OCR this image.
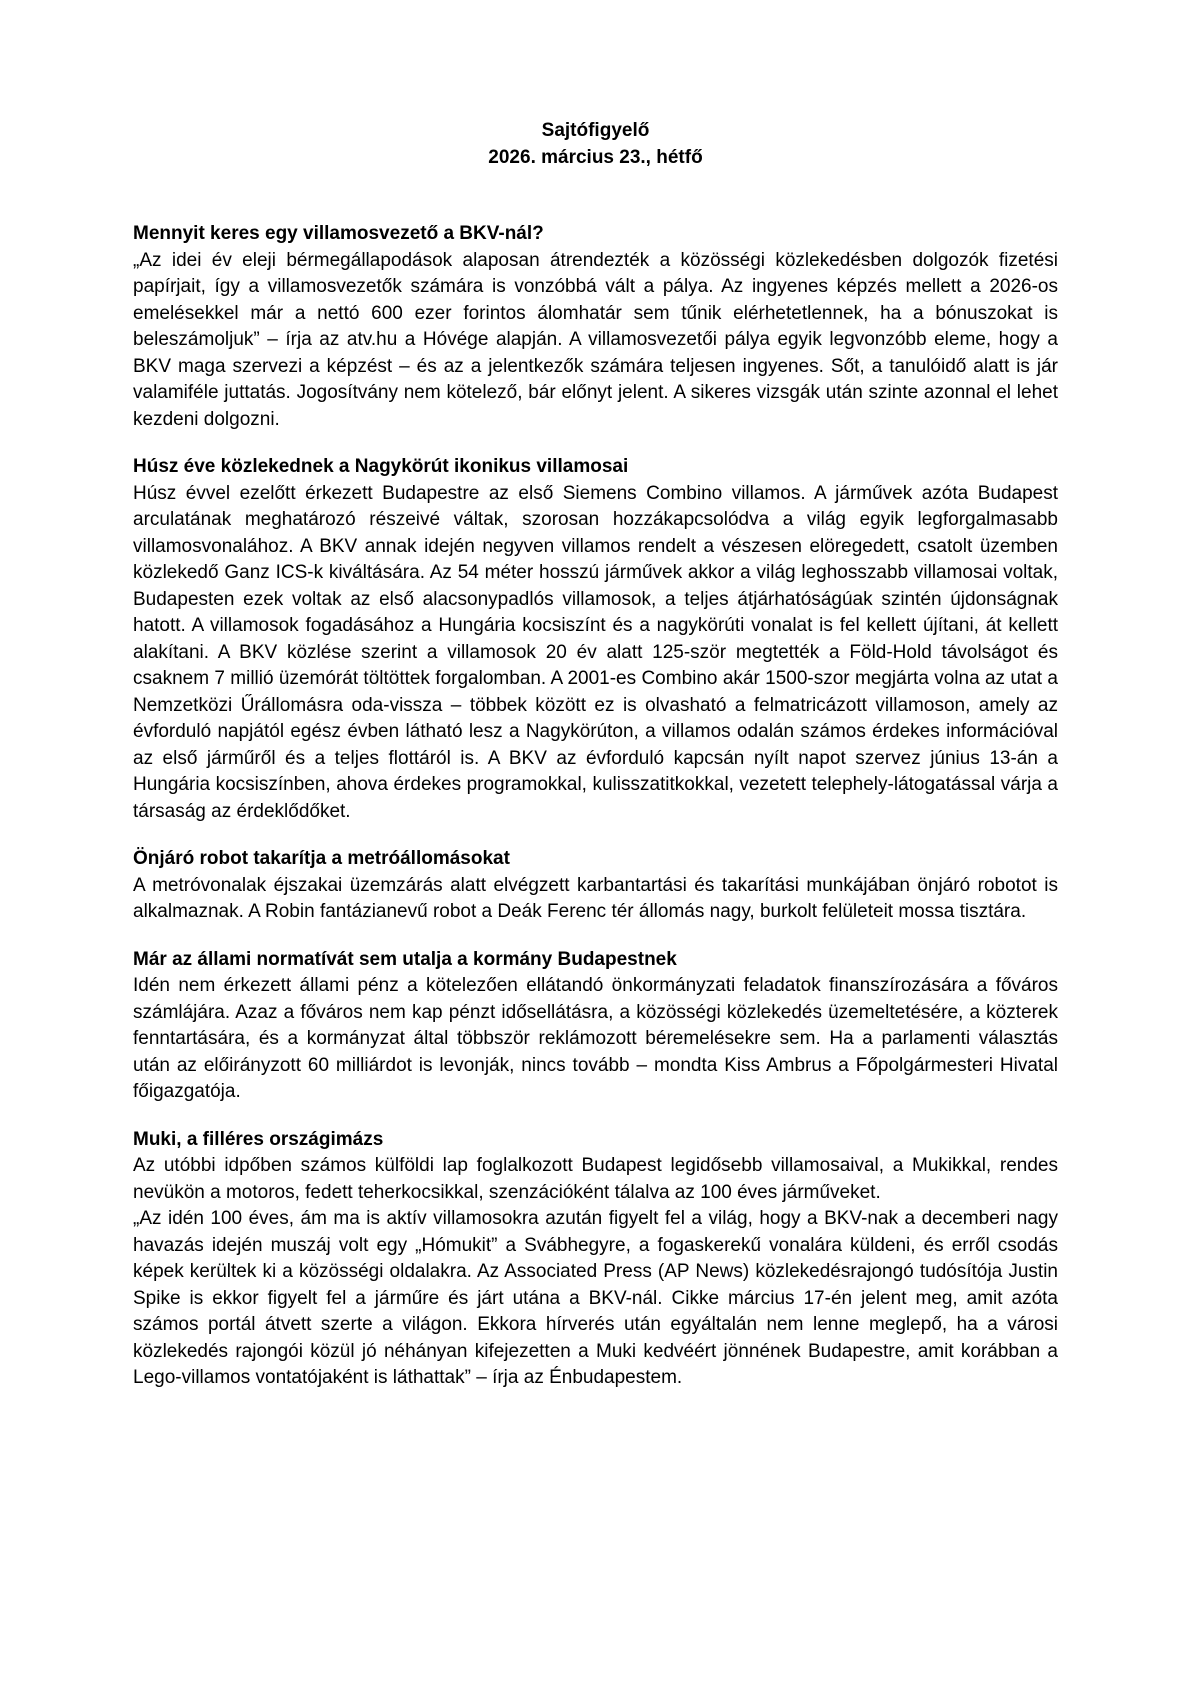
Sajtófigyelő
2026. március 23., hétfő
Mennyit keres egy villamosvezető a BKV-nál?

„Az idei év eleji bérmegállapodások alaposan átrendezték a közösségi közlekedésben dolgozók fizetési papírjait, így a villamosvezetők számára is vonzóbbá vált a pálya. Az ingyenes képzés mellett a 2026-os emelésekkel már a nettó 600 ezer forintos álomhatár sem tűnik elérhetetlennek, ha a bónuszokat is beleszámoljuk” – írja az atv.hu a Hóvége alapján. A villamosvezetői pálya egyik legvonzóbb eleme, hogy a BKV maga szervezi a képzést – és az a jelentkezők számára teljesen ingyenes. Sőt, a tanulóidő alatt is jár valamiféle juttatás. Jogosítvány nem kötelező, bár előnyt jelent. A sikeres vizsgák után szinte azonnal el lehet kezdeni dolgozni.

Húsz éve közlekednek a Nagykörút ikonikus villamosai

Húsz évvel ezelőtt érkezett Budapestre az első Siemens Combino villamos. A járművek azóta Budapest arculatának meghatározó részeivé váltak, szorosan hozzákapcsolódva a világ egyik legforgalmasabb villamosvonalához. A BKV annak idején negyven villamos rendelt a vészesen elöregedett, csatolt üzemben közlekedő Ganz ICS-k kiváltására. Az 54 méter hosszú járművek akkor a világ leghosszabb villamosai voltak, Budapesten ezek voltak az első alacsonypadlós villamosok, a teljes átjárhatóságúak szintén újdonságnak hatott. A villamosok fogadásához a Hungária kocsiszínt és a nagykörúti vonalat is fel kellett újítani, át kellett alakítani. A BKV közlése szerint a villamosok 20 év alatt 125-ször megtették a Föld-Hold távolságot és csaknem 7 millió üzemórát töltöttek forgalomban. A 2001-es Combino akár 1500-szor megjárta volna az utat a Nemzetközi Űrállomásra oda-vissza – többek között ez is olvasható a felmatricázott villamoson, amely az évforduló napjától egész évben látható lesz a Nagykörúton, a villamos odalán számos érdekes információval az első járműről és a teljes flottáról is. A BKV az évforduló kapcsán nyílt napot szervez június 13-án a Hungária kocsiszínben, ahova érdekes programokkal, kulisszatitkokkal, vezetett telephely-látogatással várja a társaság az érdeklődőket.

Önjáró robot takarítja a metróállomásokat

A metróvonalak éjszakai üzemzárás alatt elvégzett karbantartási és takarítási munkájában önjáró robotot is alkalmaznak. A Robin fantázianevű robot a Deák Ferenc tér állomás nagy, burkolt felületeit mossa tisztára.

Már az állami normatívát sem utalja a kormány Budapestnek

Idén nem érkezett állami pénz a kötelezően ellátandó önkormányzati feladatok finanszírozására a főváros számlájára. Azaz a főváros nem kap pénzt idősellátásra, a közösségi közlekedés üzemeltetésére, a közterek fenntartására, és a kormányzat által többször reklámozott béremelésekre sem. Ha a parlamenti választás után az előirányzott 60 milliárdot is levonják, nincs tovább – mondta Kiss Ambrus a Főpolgármesteri Hivatal főigazgatója.

Muki, a filléres országimázs

Az utóbbi idpőben számos külföldi lap foglalkozott Budapest legidősebb villamosaival, a Mukikkal, rendes nevükön a motoros, fedett teherkocsikkal, szenzációként tálalva az 100 éves járműveket.

„Az idén 100 éves, ám ma is aktív villamosokra azután figyelt fel a világ, hogy a BKV-nak a decemberi nagy havazás idején muszáj volt egy „Hómukit” a Svábhegyre, a fogaskerekű vonalára küldeni, és erről csodás képek kerültek ki a közösségi oldalakra. Az Associated Press (AP News) közlekedésrajongó tudósítója Justin Spike is ekkor figyelt fel a járműre és járt utána a BKV-nál. Cikke március 17-én jelent meg, amit azóta számos portál átvett szerte a világon. Ekkora hírverés után egyáltalán nem lenne meglepő, ha a városi közlekedés rajongói közül jó néhányan kifejezetten a Muki kedvéért jönnének Budapestre, amit korábban a Lego-villamos vontatójaként is láthattak” – írja az Énbudapestem.
